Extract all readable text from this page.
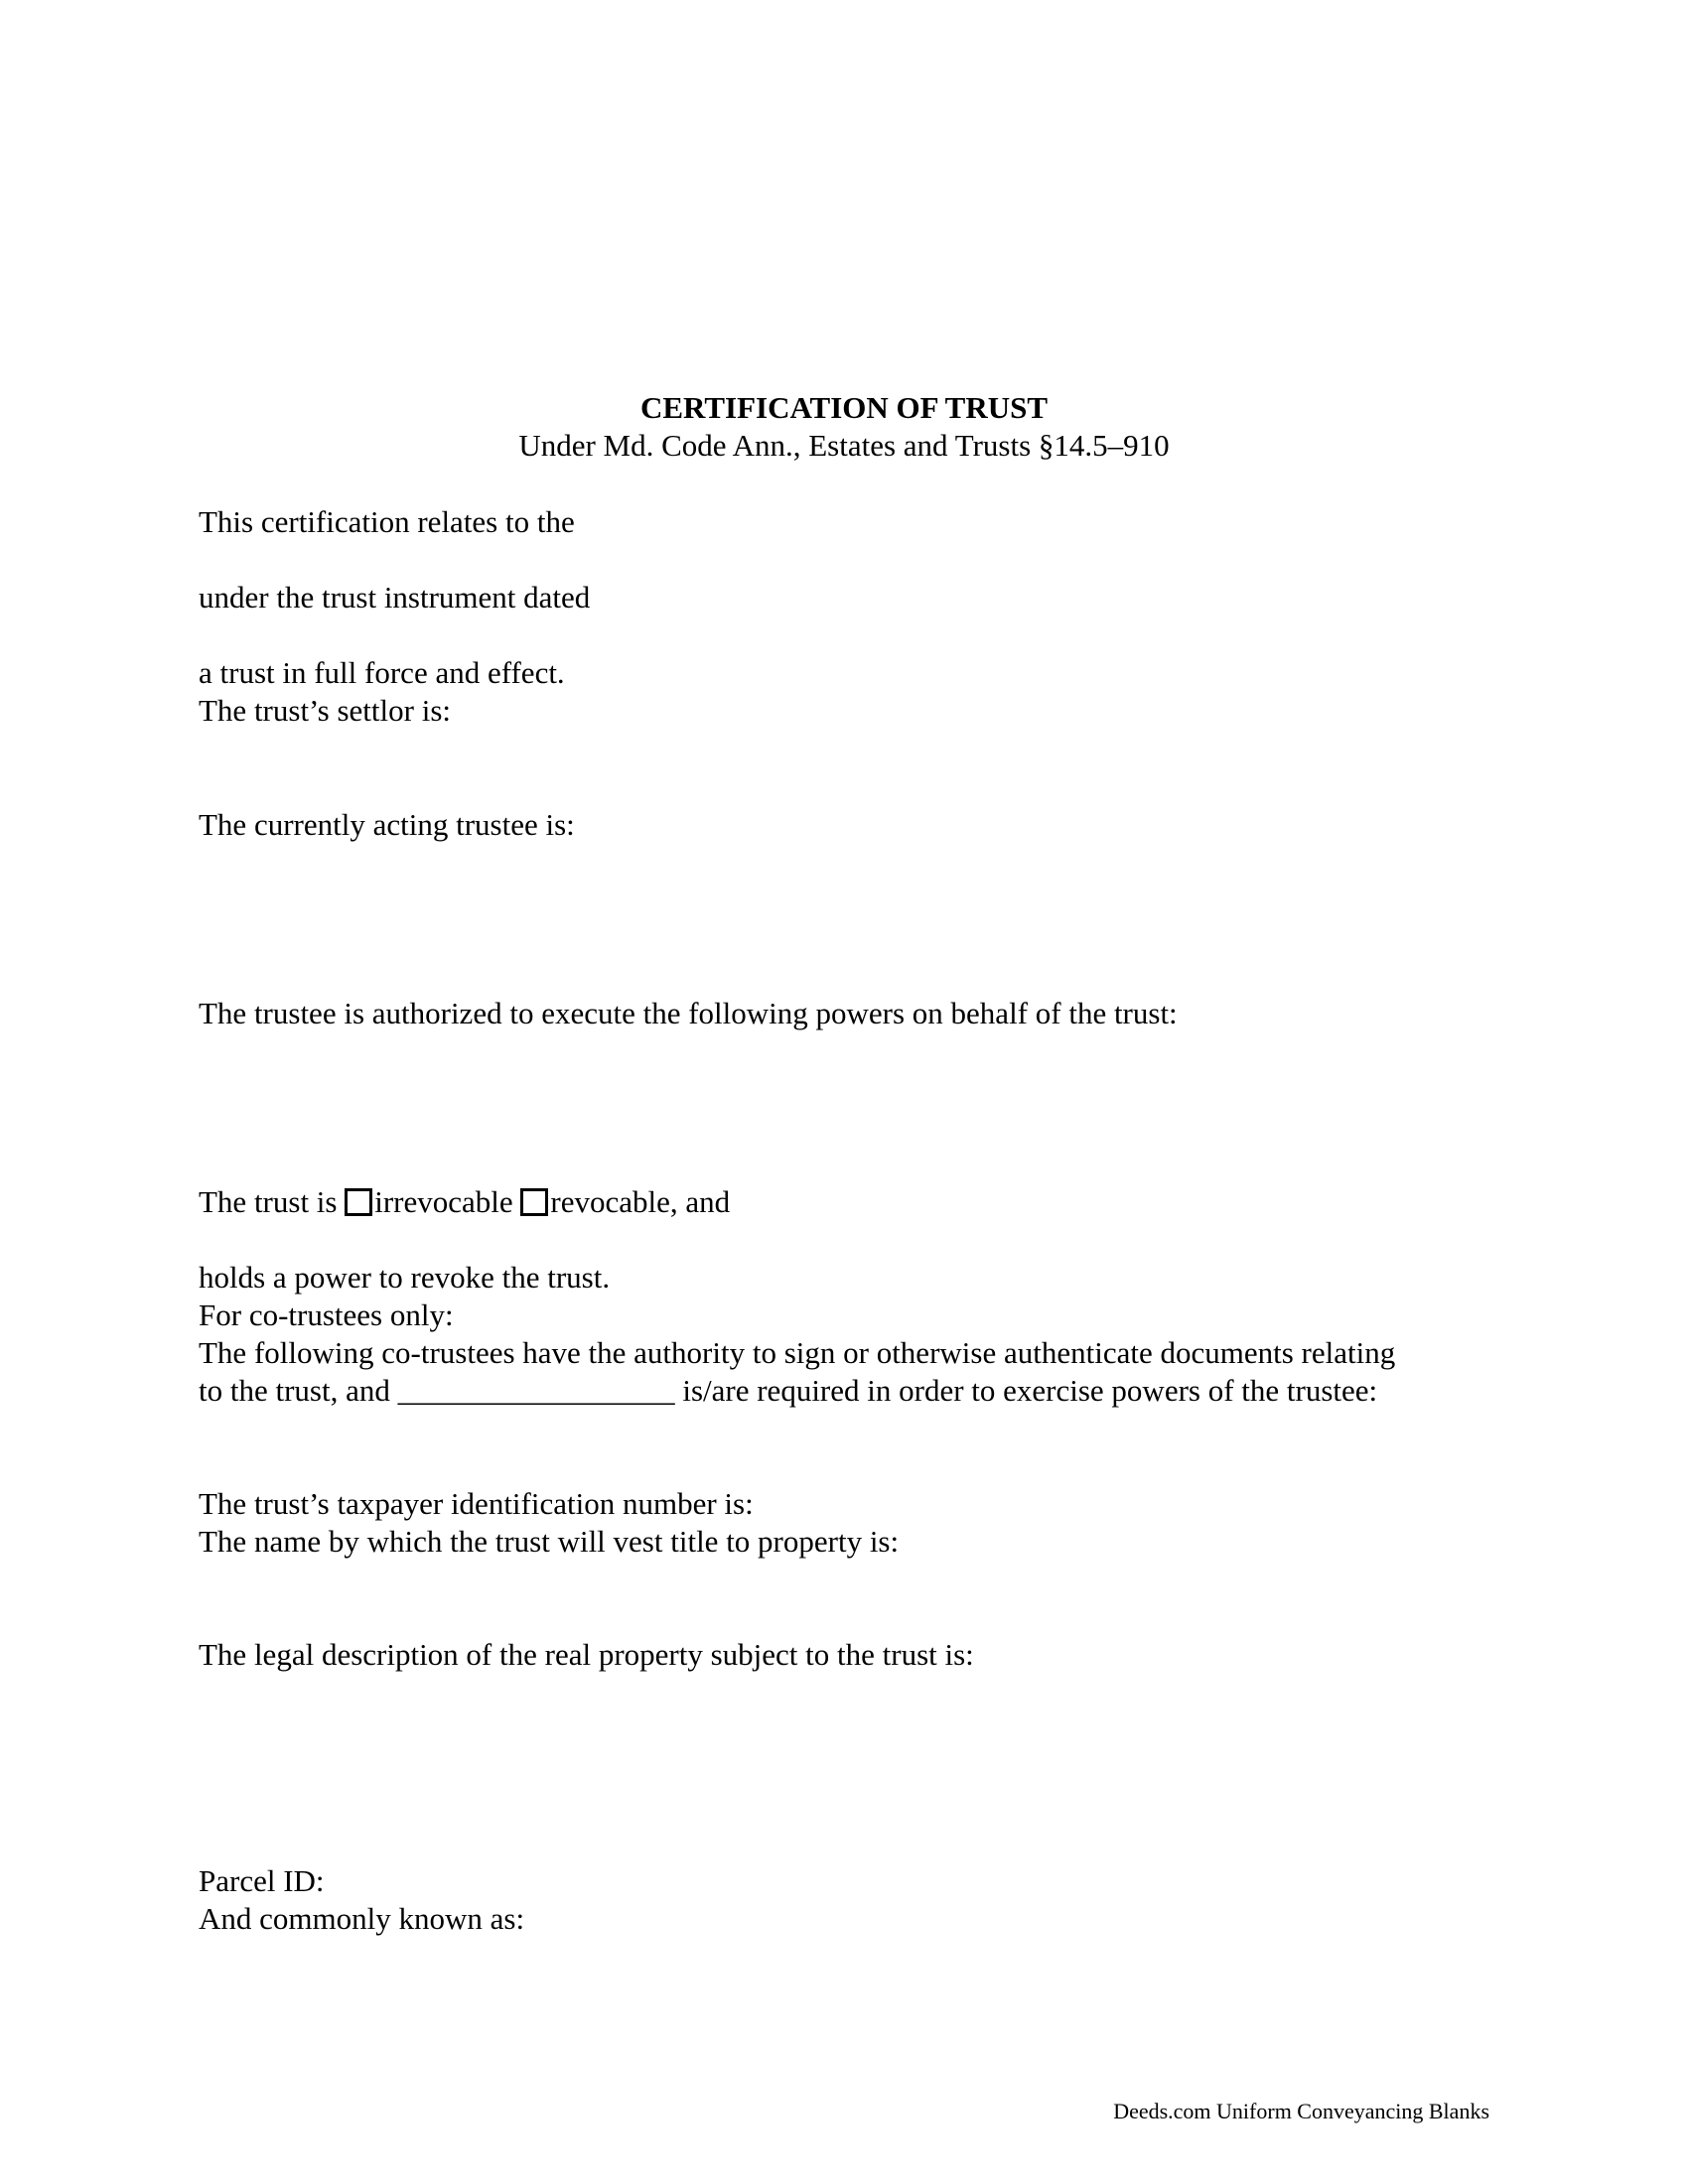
CERTIFICATION OF TRUST
Under Md. Code Ann., Estates and Trusts §14.5–910
This certification relates to the
under the trust instrument dated
a trust in full force and effect.
The trust’s settlor is:
The currently acting trustee is:
The trustee is authorized to execute the following powers on behalf of the trust:
The trust is irrevocable revocable, and
holds a power to revoke the trust.
For co-trustees only:
The following co-trustees have the authority to sign or otherwise authenticate documents relating
to the trust, and __________________ is/are required in order to exercise powers of the trustee:
The trust’s taxpayer identification number is:
The name by which the trust will vest title to property is:
The legal description of the real property subject to the trust is:
Parcel ID:
And commonly known as:
Deeds.com Uniform Conveyancing Blanks
